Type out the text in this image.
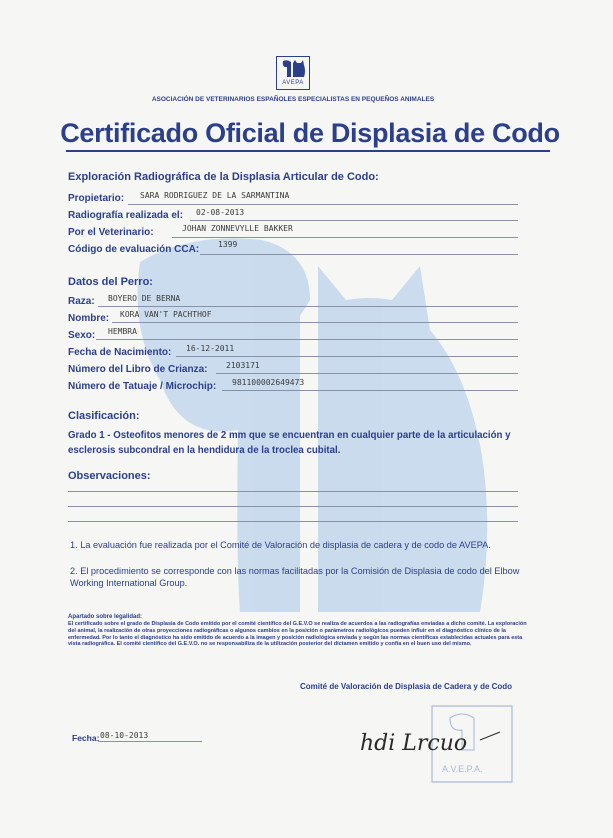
AVEPA
ASOCIACIÓN DE VETERINARIOS ESPAÑOLES ESPECIALISTAS EN PEQUEÑOS ANIMALES
Certificado Oficial de Displasia de Codo
Exploración Radiográfica de la Displasia Articular de Codo:
Propietario: SARA RODRIGUEZ DE LA SARMANTINA
Radiografía realizada el: 02-08-2013
Por el Veterinario:	JOHAN ZONNEVYLLE BAKKER
Código de evaluación CCA: 1399
Datos del Perro:
Raza: BOYERO DE BERNA
Nombre: KORA VAN'T PACHTHOF
Sexo: HEMBRA
Fecha de Nacimiento: 16-12-2011
Número del Libro de Crianza: 2103171
Número de Tatuaje / Microchip: 981100002649473
Clasificación:
Grado 1 - Osteofitos menores de 2 mm que se encuentran en cualquier parte de la articulación y esclerosis subcondral en la hendidura de la troclea cubital.
Observaciones:
1. La evaluación fue realizada por el Comité de Valoración de displasia de cadera y de codo de AVEPA.
2. El procedimiento se corresponde con las normas facilitadas por la Comisión de Displasia de codo del Elbow Working International Group.
Apartado sobre legalidad:
El certificado sobre el grado de Displasia de Codo emitido por el comité científico del G.E.V.O se realiza de acuerdos a las radiografías enviadas a dicho comité. La exploración del animal, la realización de otras proyecciones radiográficas o algunos cambios en la posición o parámetros radiológicos pueden influir en el diagnóstico clínico de la enfermedad. Por lo tanto el diagnóstico ha sido emitido de acuerdo a la imagen y posición radiológica enviada y según las normas científicas establecidas actuales para esta vista radiográfica. El comité científico del G.E.V.O. no se responsabiliza de la utilización posterior del dictamen emitido y confía en el buen uso del mismo.
Comité de Valoración de Displasia de Cadera y de Codo
Fecha: 08-10-2013
A.V.E.P.A.
hdi Lrcuo
